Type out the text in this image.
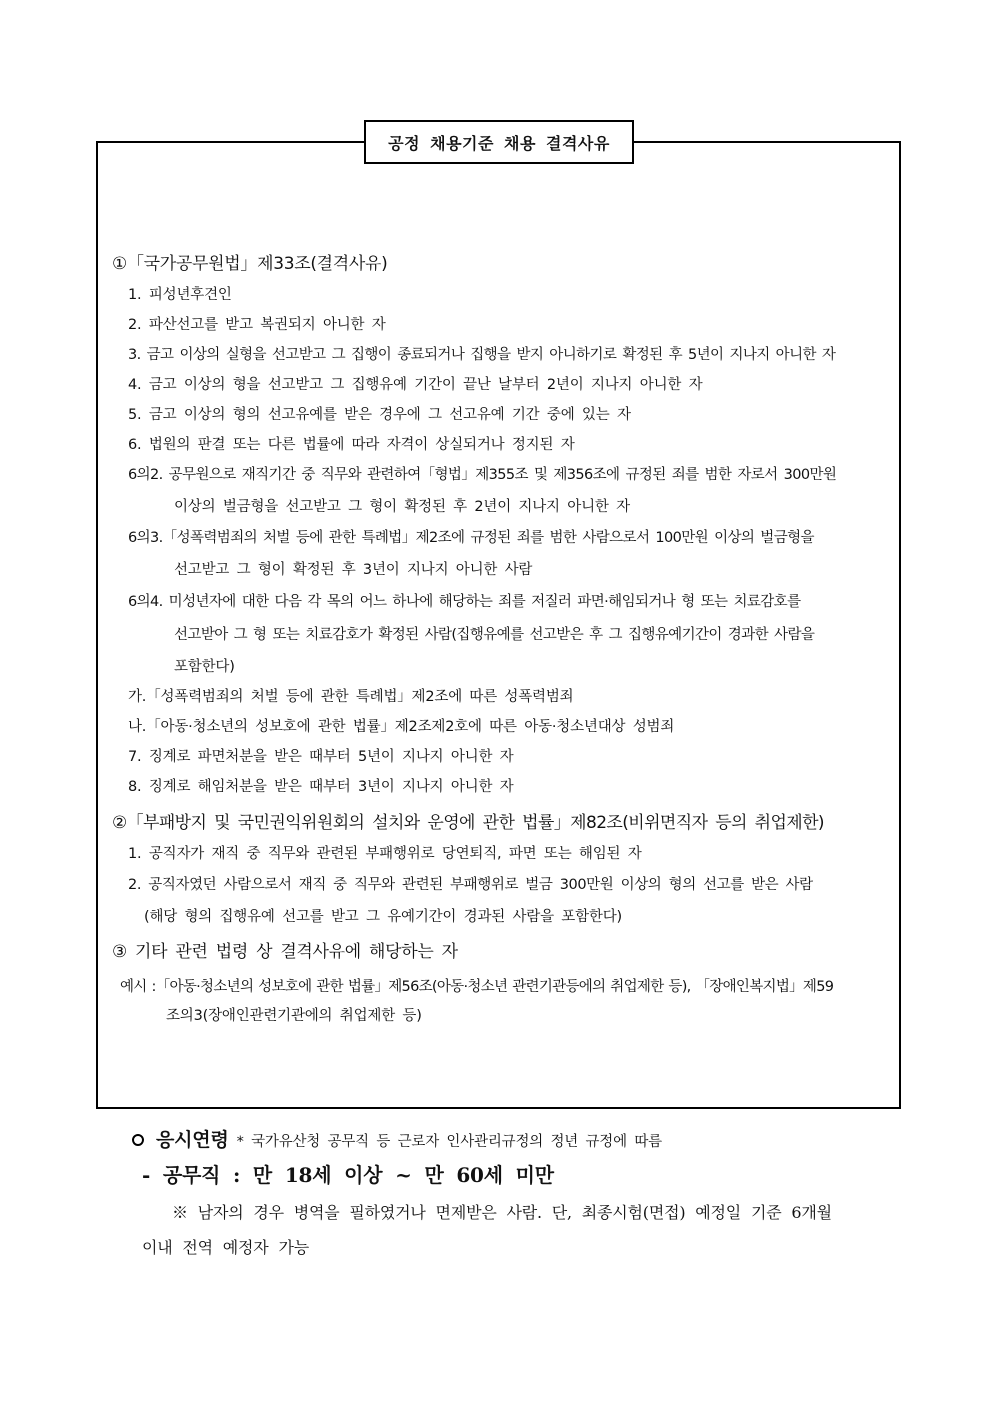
공정 채용기준 채용 결격사유
①「국가공무원법」제33조(결격사유)
1. 피성년후견인
2. 파산선고를 받고 복권되지 아니한 자
3. 금고 이상의 실형을 선고받고 그 집행이 종료되거나 집행을 받지 아니하기로 확정된 후 5년이 지나지 아니한 자
4. 금고 이상의 형을 선고받고 그 집행유예 기간이 끝난 날부터 2년이 지나지 아니한 자
5. 금고 이상의 형의 선고유예를 받은 경우에 그 선고유예 기간 중에 있는 자
6. 법원의 판결 또는 다른 법률에 따라 자격이 상실되거나 정지된 자
6의2. 공무원으로 재직기간 중 직무와 관련하여「형법」제355조 및 제356조에 규정된 죄를 범한 자로서 300만원
이상의 벌금형을 선고받고 그 형이 확정된 후 2년이 지나지 아니한 자
6의3.「성폭력범죄의 처벌 등에 관한 특례법」제2조에 규정된 죄를 범한 사람으로서 100만원 이상의 벌금형을
선고받고 그 형이 확정된 후 3년이 지나지 아니한 사람
6의4. 미성년자에 대한 다음 각 목의 어느 하나에 해당하는 죄를 저질러 파면·해임되거나 형 또는 치료감호를
선고받아 그 형 또는 치료감호가 확정된 사람(집행유예를 선고받은 후 그 집행유예기간이 경과한 사람을
포함한다)
가.「성폭력범죄의 처벌 등에 관한 특례법」제2조에 따른 성폭력범죄
나.「아동·청소년의 성보호에 관한 법률」제2조제2호에 따른 아동·청소년대상 성범죄
7. 징계로 파면처분을 받은 때부터 5년이 지나지 아니한 자
8. 징계로 해임처분을 받은 때부터 3년이 지나지 아니한 자
②「부패방지 및 국민권익위원회의 설치와 운영에 관한 법률」제82조(비위면직자 등의 취업제한)
1. 공직자가 재직 중 직무와 관련된 부패행위로 당연퇴직, 파면 또는 해임된 자
2. 공직자였던 사람으로서 재직 중 직무와 관련된 부패행위로 벌금 300만원 이상의 형의 선고를 받은 사람
(해당 형의 집행유예 선고를 받고 그 유예기간이 경과된 사람을 포함한다)
③ 기타 관련 법령 상 결격사유에 해당하는 자
예시 :「아동·청소년의 성보호에 관한 법률」제56조(아동·청소년 관련기관등에의 취업제한 등), 「장애인복지법」제59
조의3(장애인관련기관에의 취업제한 등)
응시연령 * 국가유산청 공무직 등 근로자 인사관리규정의 정년 규정에 따름
- 공무직 : 만 18세 이상 ~ 만 60세 미만
※ 남자의 경우 병역을 필하였거나 면제받은 사람. 단, 최종시험(면접) 예정일 기준 6개월
이내 전역 예정자 가능
